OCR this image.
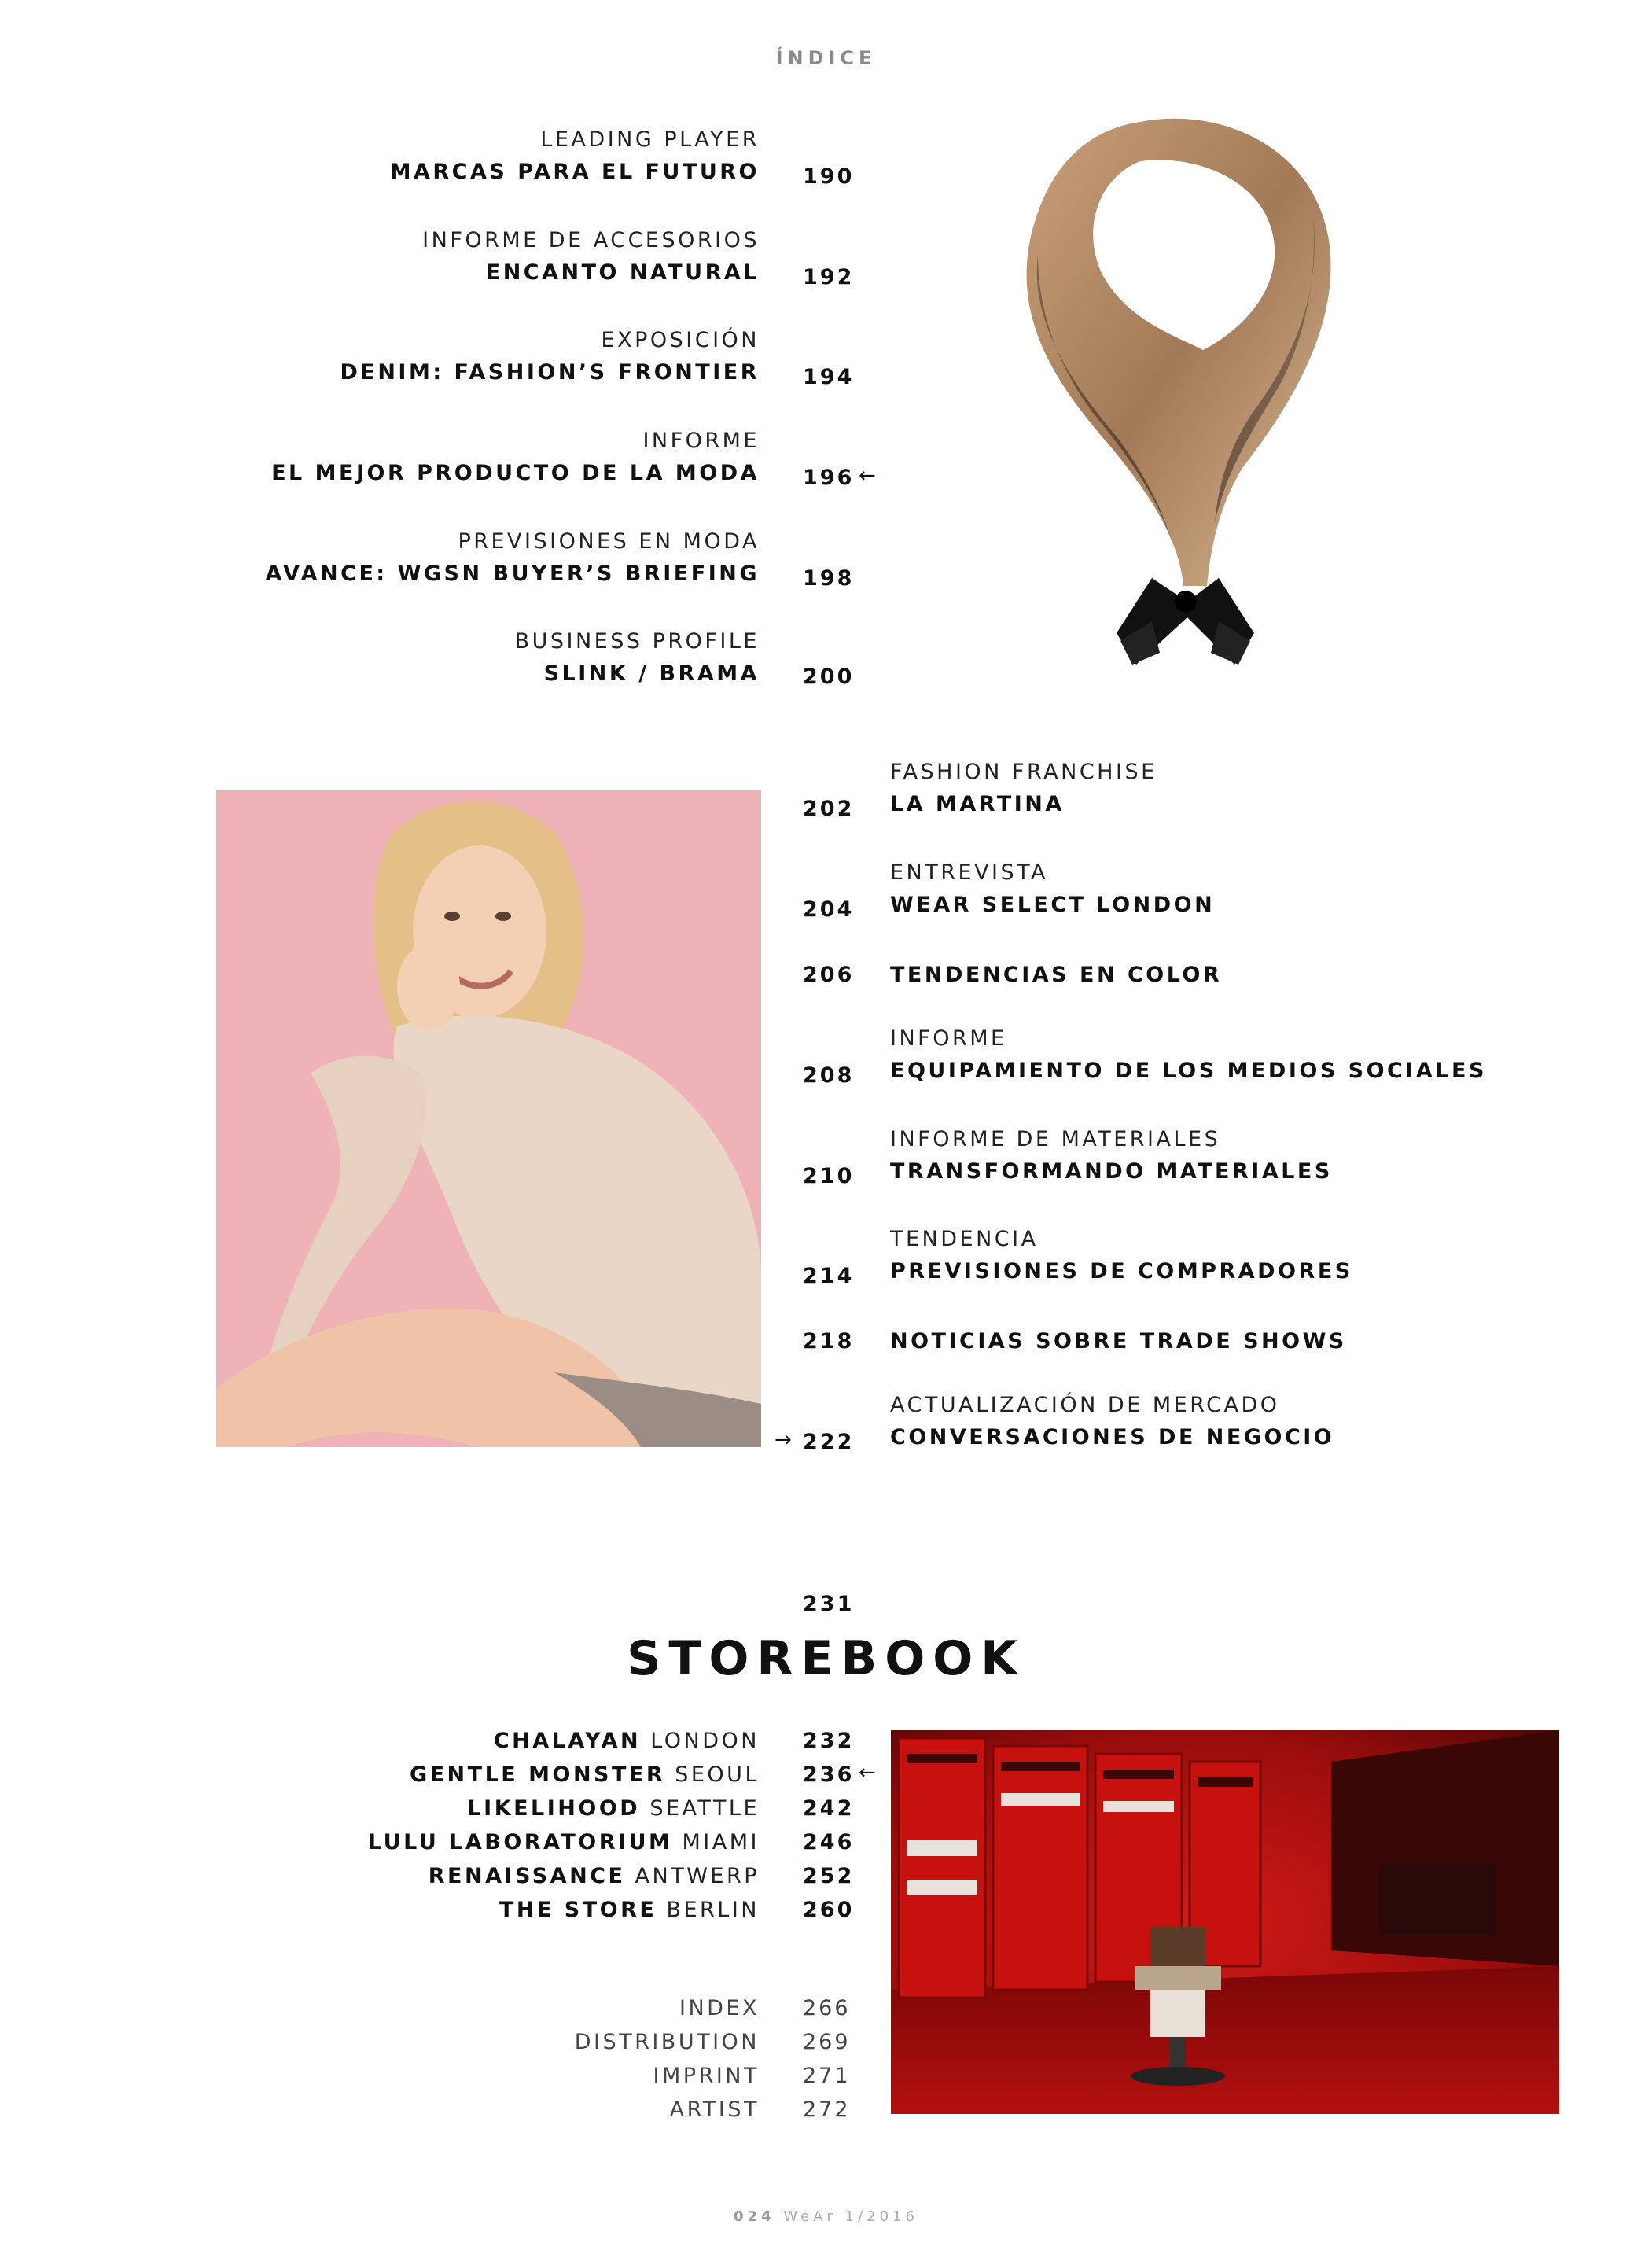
ÍNDICE
LEADING PLAYER
MARCAS PARA EL FUTURO 190
INFORME DE ACCESORIOS
ENCANTO NATURAL 192
EXPOSICIÓN
DENIM: FASHION’S FRONTIER 194
INFORME
EL MEJOR PRODUCTO DE LA MODA 196 ←
PREVISIONES EN MODA
AVANCE: WGSN BUYER’S BRIEFING 198
BUSINESS PROFILE
SLINK / BRAMA 200
202
FASHION FRANCHISE
LA MARTINA
204
ENTREVISTA
WEAR SELECT LONDON
206 TENDENCIAS EN COLOR
208
INFORME
EQUIPAMIENTO DE LOS MEDIOS SOCIALES
210
INFORME DE MATERIALES
TRANSFORMANDO MATERIALES
214
TENDENCIA
PREVISIONES DE COMPRADORES
218 NOTICIAS SOBRE TRADE SHOWS
→ 222
ACTUALIZACIÓN DE MERCADO
CONVERSACIONES DE NEGOCIO
231
STOREBOOK
CHALAYAN LONDON 232
GENTLE MONSTER SEOUL 236 ←
LIKELIHOOD SEATTLE 242
LULU LABORATORIUM MIAMI 246
RENAISSANCE ANTWERP 252
THE STORE BERLIN 260
INDEX 266
DISTRIBUTION 269
IMPRINT 271
ARTIST 272
024 WeAr 1/2016
